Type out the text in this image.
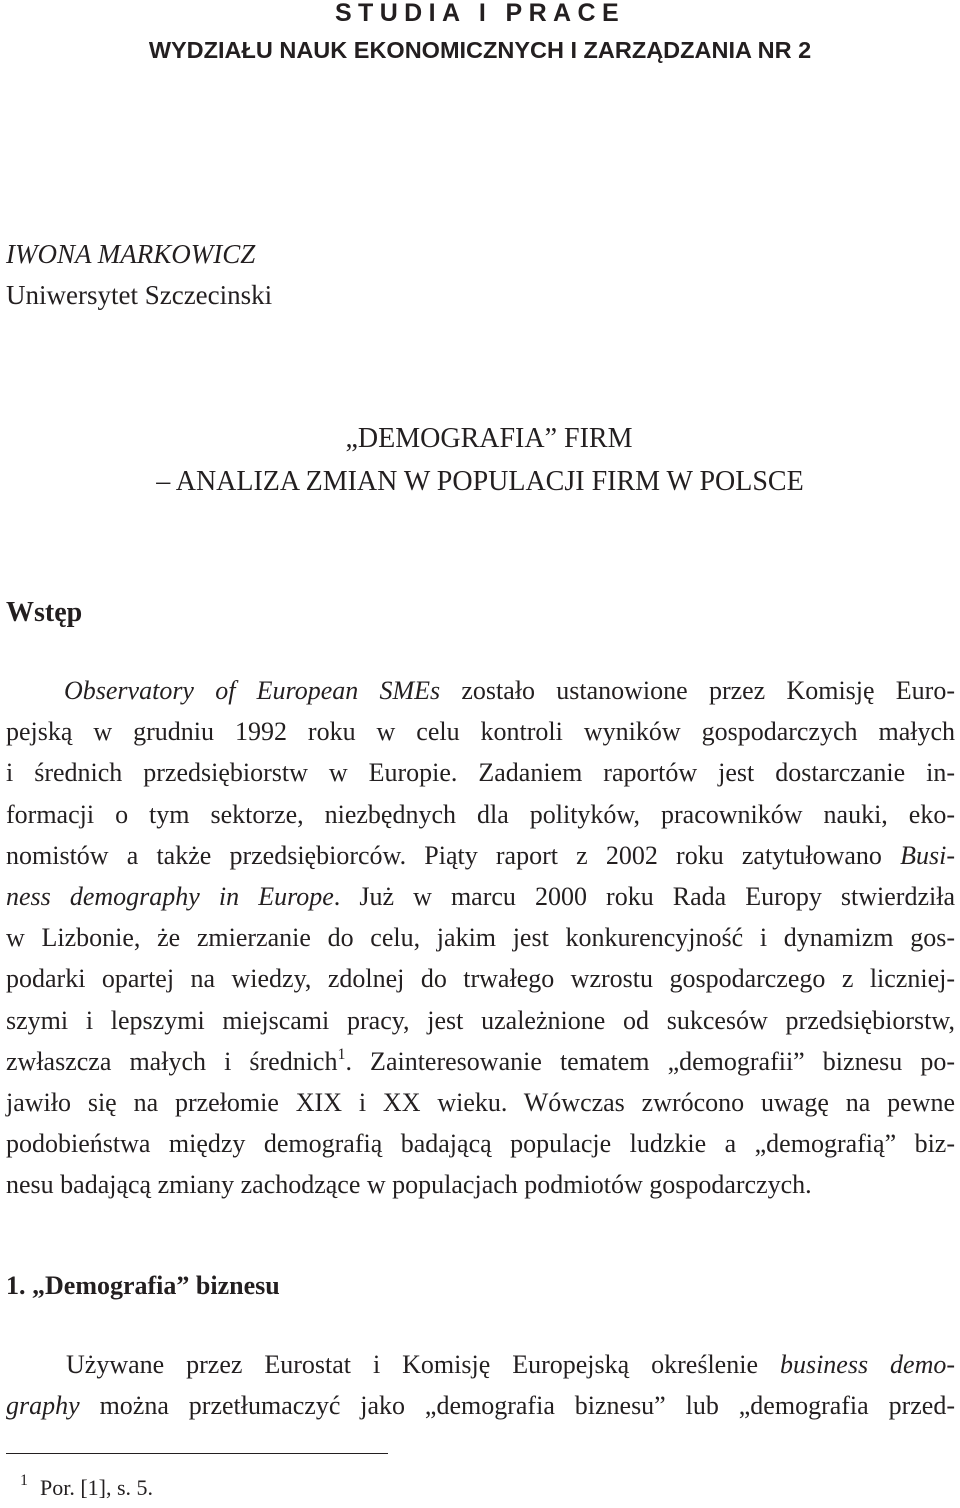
STUDIA I PRACE
WYDZIAŁU NAUK EKONOMICZNYCH I ZARZĄDZANIA NR 2
IWONA MARKOWICZ
Uniwersytet Szczecinski
„DEMOGRAFIA” FIRM
– ANALIZA ZMIAN W POPULACJI FIRM W POLSCE
Wstęp
Observatory of European SMEs zostało ustanowione przez Komisję Euro-
pejską w grudniu 1992 roku w celu kontroli wyników gospodarczych małych
i średnich przedsiębiorstw w Europie. Zadaniem raportów jest dostarczanie in-
formacji o tym sektorze, niezbędnych dla polityków, pracowników nauki, eko-
nomistów a także przedsiębiorców. Piąty raport z 2002 roku zatytułowano Busi-
ness demography in Europe. Już w marcu 2000 roku Rada Europy stwierdziła
w Lizbonie, że zmierzanie do celu, jakim jest konkurencyjność i dynamizm gos-
podarki opartej na wiedzy, zdolnej do trwałego wzrostu gospodarczego z liczniej-
szymi i lepszymi miejscami pracy, jest uzależnione od sukcesów przedsiębiorstw,
zwłaszcza małych i średnich$^1$. Zainteresowanie tematem „demografii” biznesu po-
jawiło się na przełomie XIX i XX wieku. Wówczas zwrócono uwagę na pewne
podobieństwa między demografią badającą populacje ludzkie a „demografią” biz-
nesu badającą zmiany zachodzące w populacjach podmiotów gospodarczych.
1. „Demografia” biznesu
Używane przez Eurostat i Komisję Europejską określenie business demo-
graphy można przetłumaczyć jako „demografia biznesu” lub „demografia przed-
$^1$ Por. [1], s. 5.
